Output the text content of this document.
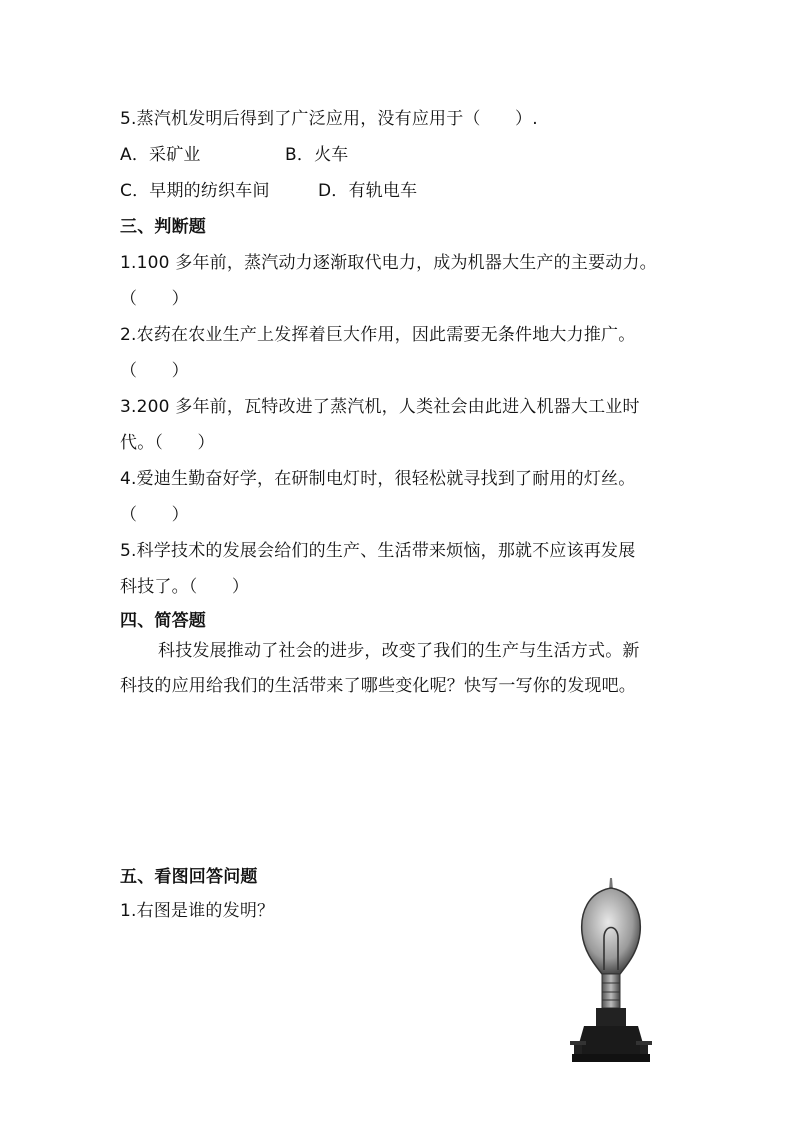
5.蒸汽机发明后得到了广泛应用，没有应用于（　　）.
A．采矿业	B．火车
C．早期的纺织车间	D．有轨电车
三、判断题
1.100 多年前，蒸汽动力逐渐取代电力，成为机器大生产的主要动力。
（　　）
2.农药在农业生产上发挥着巨大作用，因此需要无条件地大力推广。
（　　）
3.200 多年前，瓦特改进了蒸汽机，人类社会由此进入机器大工业时
代。（　　）
4.爱迪生勤奋好学，在研制电灯时，很轻松就寻找到了耐用的灯丝。
（　　）
5.科学技术的发展会给们的生产、生活带来烦恼，那就不应该再发展
科技了。（　　）
四、简答题
科技发展推动了社会的进步，改变了我们的生产与生活方式。新
科技的应用给我们的生活带来了哪些变化呢？快写一写你的发现吧。
五、看图回答问题
1.右图是谁的发明？
